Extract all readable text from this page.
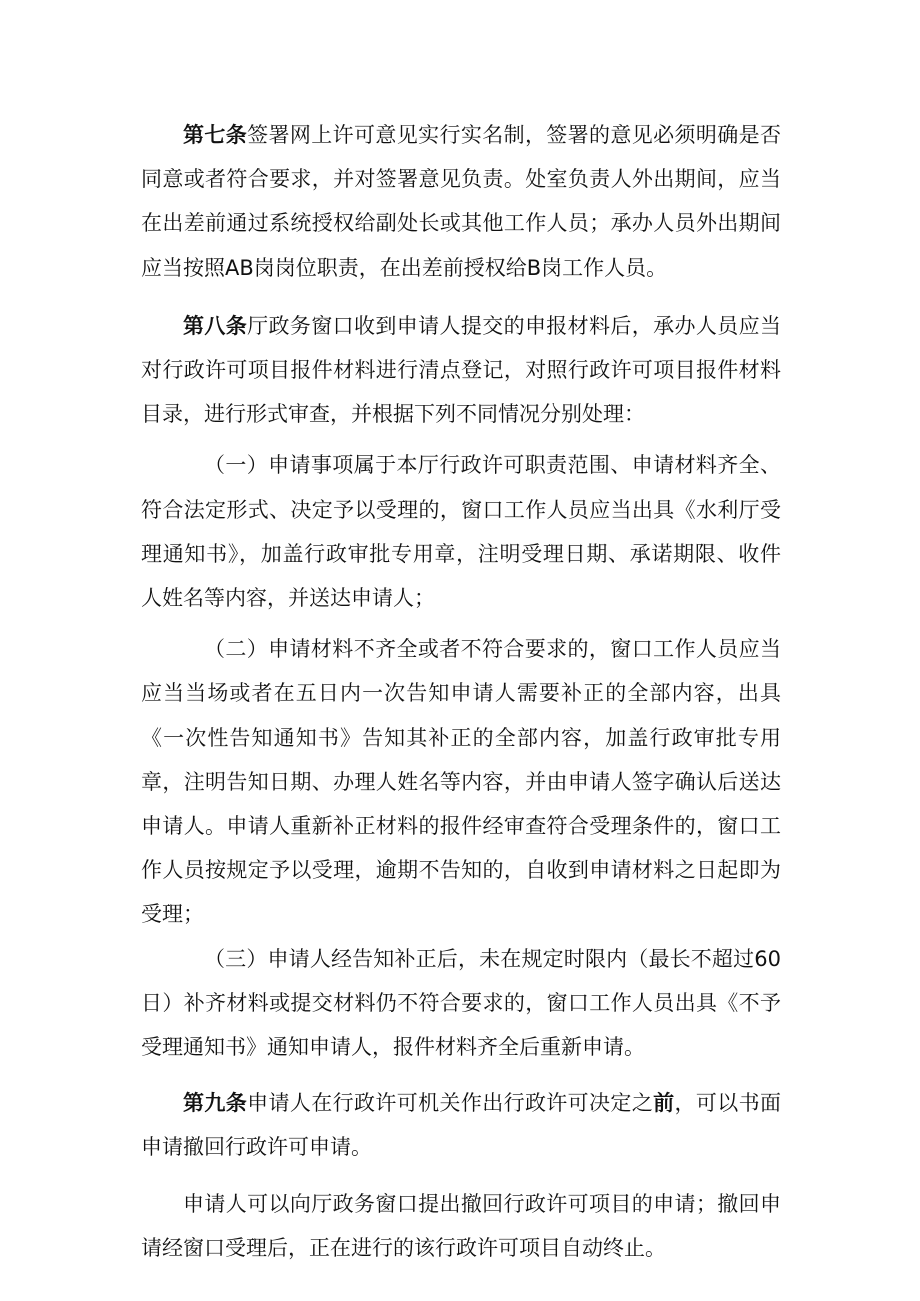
第七条签署网上许可意见实行实名制，签署的意见必须明确是否同意或者符合要求，并对签署意见负责。处室负责人外出期间，应当在出差前通过系统授权给副处长或其他工作人员；承办人员外出期间应当按照AB岗岗位职责，在出差前授权给B岗工作人员。

第八条厅政务窗口收到申请人提交的申报材料后，承办人员应当对行政许可项目报件材料进行清点登记，对照行政许可项目报件材料目录，进行形式审查，并根据下列不同情况分别处理：

（一）申请事项属于本厅行政许可职责范围、申请材料齐全、符合法定形式、决定予以受理的，窗口工作人员应当出具《水利厅受理通知书》，加盖行政审批专用章，注明受理日期、承诺期限、收件人姓名等内容，并送达申请人；

（二）申请材料不齐全或者不符合要求的，窗口工作人员应当应当当场或者在五日内一次告知申请人需要补正的全部内容，出具《一次性告知通知书》告知其补正的全部内容，加盖行政审批专用章，注明告知日期、办理人姓名等内容，并由申请人签字确认后送达申请人。申请人重新补正材料的报件经审查符合受理条件的，窗口工作人员按规定予以受理，逾期不告知的，自收到申请材料之日起即为受理；

（三）申请人经告知补正后，未在规定时限内（最长不超过60日）补齐材料或提交材料仍不符合要求的，窗口工作人员出具《不予受理通知书》通知申请人，报件材料齐全后重新申请。

第九条申请人在行政许可机关作出行政许可决定之前，可以书面申请撤回行政许可申请。

申请人可以向厅政务窗口提出撤回行政许可项目的申请；撤回申请经窗口受理后，正在进行的该行政许可项目自动终止。
